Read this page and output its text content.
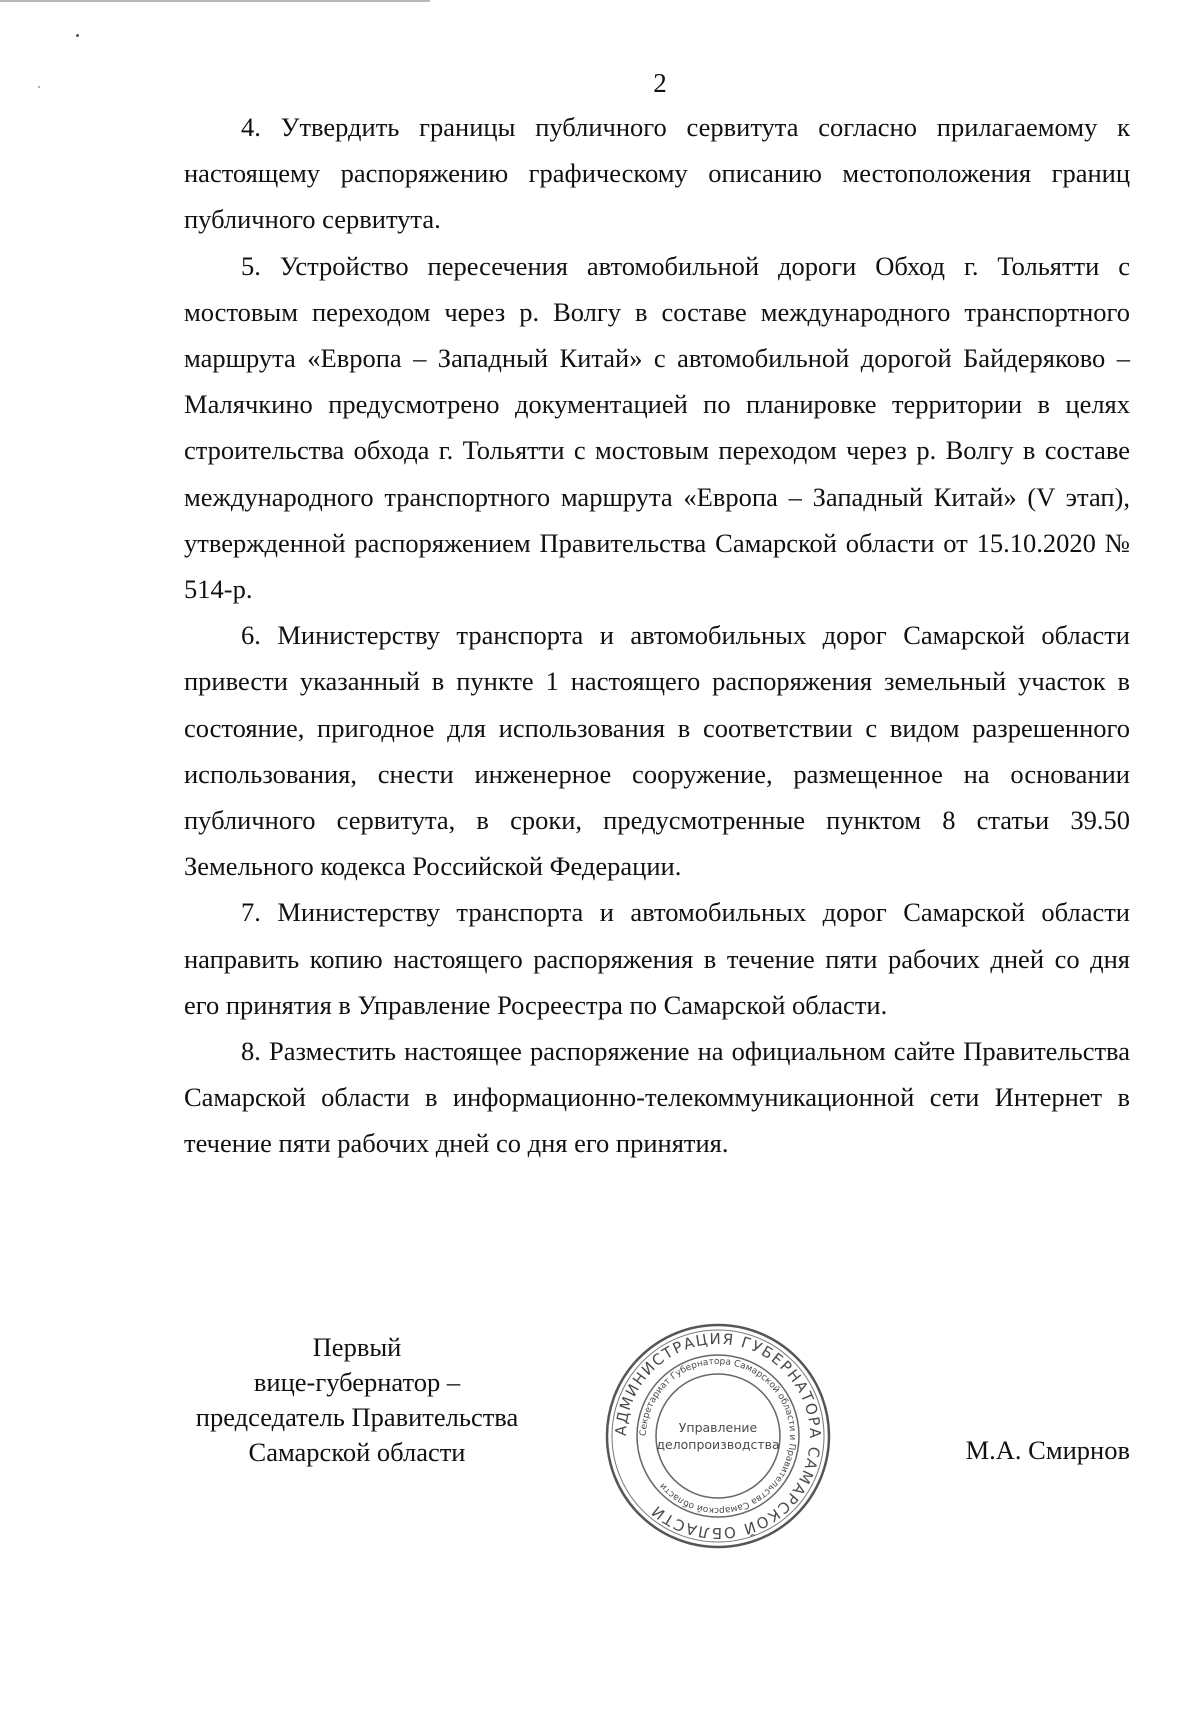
2

4. Утвердить границы публичного сервитута согласно прилагаемому к настоящему распоряжению графическому описанию местоположения границ публичного сервитута.

5. Устройство пересечения автомобильной дороги Обход г. Тольятти с мостовым переходом через р. Волгу в составе международного транспортного маршрута «Европа – Западный Китай» с автомобильной дорогой Байдеряково – Малячкино предусмотрено документацией по планировке территории в целях строительства обхода г. Тольятти с мостовым переходом через р. Волгу в составе международного транспортного маршрута «Европа – Западный Китай» (V этап), утвержденной распоряжением Правительства Самарской области от 15.10.2020 № 514-р.

6. Министерству транспорта и автомобильных дорог Самарской области привести указанный в пункте 1 настоящего распоряжения земельный участок в состояние, пригодное для использования в соответствии с видом разрешенного использования, снести инженерное сооружение, размещенное на основании публичного сервитута, в сроки, предусмотренные пунктом 8 статьи 39.50 Земельного кодекса Российской Федерации.

7. Министерству транспорта и автомобильных дорог Самарской области направить копию настоящего распоряжения в течение пяти рабочих дней со дня его принятия в Управление Росреестра по Самарской области.

8. Разместить настоящее распоряжение на официальном сайте Правительства Самарской области в информационно-телекоммуникационной сети Интернет в течение пяти рабочих дней со дня его принятия.

Первый
вице-губернатор –
председатель Правительства
Самарской области
АДМИНИСТРАЦИЯ ГУБЕРНАТОРА САМАРСКОЙ ОБЛАСТИ
Секретариат Губернатора Самарской области и Правительства Самарской области
Управление
делопроизводства	М.А. Смирнов
